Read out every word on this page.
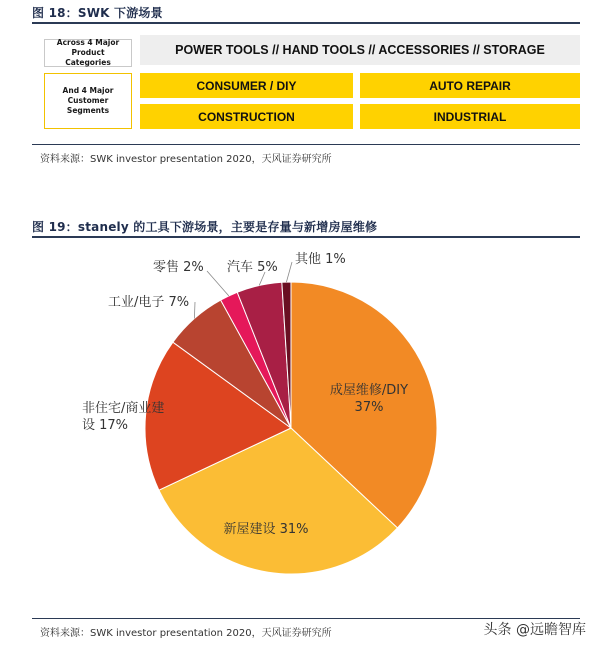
图 18：SWK 下游场景
Across 4 Major
Product Categories
POWER TOOLS // HAND TOOLS // ACCESSORIES // STORAGE
And 4 Major
Customer Segments
CONSUMER / DIY	AUTO REPAIR
CONSTRUCTION	INDUSTRIAL
资料来源：SWK investor presentation 2020，天风证券研究所
图 19：stanely 的工具下游场景，主要是存量与新增房屋维修
成屋维修/DIY
37%
新屋建设 31%
非住宅/商业建
设 17%
工业/电子 7%
零售 2% 汽车 5%
其他 1%
资料来源：SWK investor presentation 2020，天风证券研究所	头条 @远瞻智库
